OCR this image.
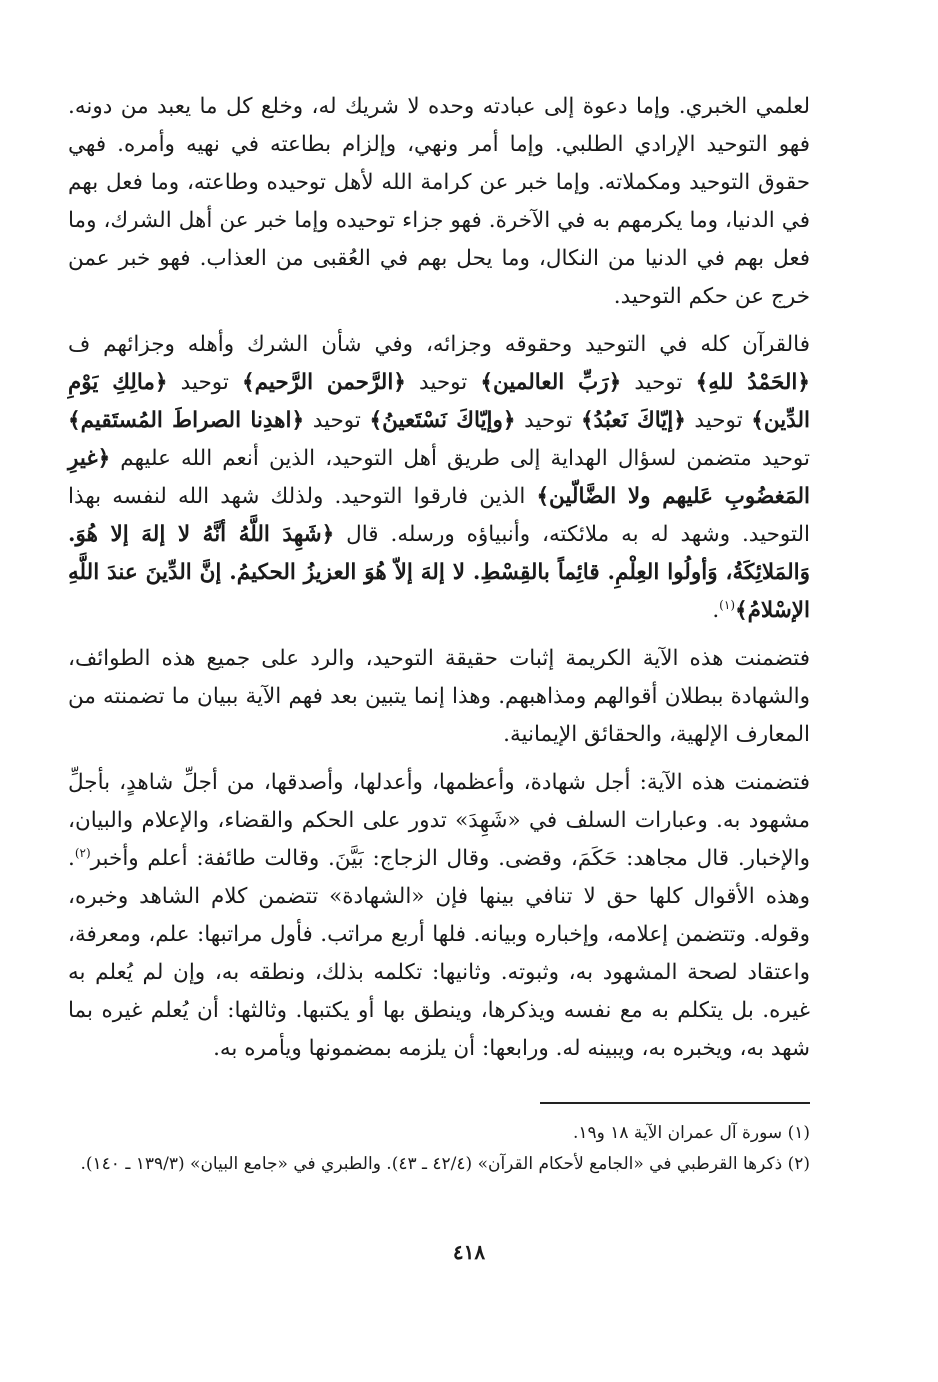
لعلمي الخبري. وإما دعوة إلى عبادته وحده لا شريك له، وخلع كل ما يعبد من دونه. فهو التوحيد الإرادي الطلبي. وإما أمر ونهي، وإلزام بطاعته في نهيه وأمره. فهي حقوق التوحيد ومكملاته. وإما خبر عن كرامة الله لأهل توحيده وطاعته، وما فعل بهم في الدنيا، وما يكرمهم به في الآخرة. فهو جزاء توحيده وإما خبر عن أهل الشرك، وما فعل بهم في الدنيا من النكال، وما يحل بهم في العُقبى من العذاب. فهو خبر عمن خرج عن حكم التوحيد.

فالقرآن كله في التوحيد وحقوقه وجزائه، وفي شأن الشرك وأهله وجزائهم ف ﴿الحَمْدُ للهِ﴾ توحيد ﴿رَبِّ العالمين﴾ توحيد ﴿الرَّحمن الرَّحيم﴾ توحيد ﴿مالِكِ يَوْمِ الدِّين﴾ توحيد ﴿إيّاكَ نَعبُدُ﴾ توحيد ﴿وإيّاكَ نَسْتَعينُ﴾ توحيد ﴿اهدِنا الصراطَ المُستَقيم﴾ توحيد متضمن لسؤال الهداية إلى طريق أهل التوحيد، الذين أنعم الله عليهم ﴿غيرِ المَغضُوبِ عَليهم ولا الضَّالّين﴾ الذين فارقوا التوحيد. ولذلك شهد الله لنفسه بهذا التوحيد. وشهد له به ملائكته، وأنبياؤه ورسله. قال ﴿شَهِدَ اللَّهُ أنَّهُ لا إلهَ إلا هُوَ. وَالمَلائِكَةُ، وَأولُوا العِلْمِ. قائِماً بالقِسْطِ. لا إلهَ إلاّ هُوَ العزيزُ الحكيمُ. إنَّ الدِّينَ عندَ اللَّهِ الإسْلامُ﴾$^{(١)}$.

فتضمنت هذه الآية الكريمة إثبات حقيقة التوحيد، والرد على جميع هذه الطوائف، والشهادة ببطلان أقوالهم ومذاهبهم. وهذا إنما يتبين بعد فهم الآية ببيان ما تضمنته من المعارف الإلهية، والحقائق الإيمانية.

فتضمنت هذه الآية: أجل شهادة، وأعظمها، وأعدلها، وأصدقها، من أجلِّ شاهدٍ، بأجلِّ مشهود به. وعبارات السلف في «شَهِدَ» تدور على الحكم والقضاء، والإعلام والبيان، والإخبار. قال مجاهد: حَكَمَ، وقضى. وقال الزجاج: بَيَّنَ. وقالت طائفة: أعلم وأخبر$^{(٢)}$. وهذه الأقوال كلها حق لا تنافي بينها فإن «الشهادة» تتضمن كلام الشاهد وخبره، وقوله. وتتضمن إعلامه، وإخباره وبيانه. فلها أربع مراتب. فأول مراتبها: علم، ومعرفة، واعتقاد لصحة المشهود به، وثبوته. وثانيها: تكلمه بذلك، ونطقه به، وإن لم يُعلم به غيره. بل يتكلم به مع نفسه ويذكرها، وينطق بها أو يكتبها. وثالثها: أن يُعلم غيره بما شهد به، ويخبره به، ويبينه له. ورابعها: أن يلزمه بمضمونها ويأمره به.

(١) سورة آل عمران الآية ١٨ و١٩.
(٢) ذكرها القرطبي في «الجامع لأحكام القرآن» (٤٢/٤ ـ ٤٣). والطبري في «جامع البيان» (١٣٩/٣ ـ ١٤٠).
٤١٨
